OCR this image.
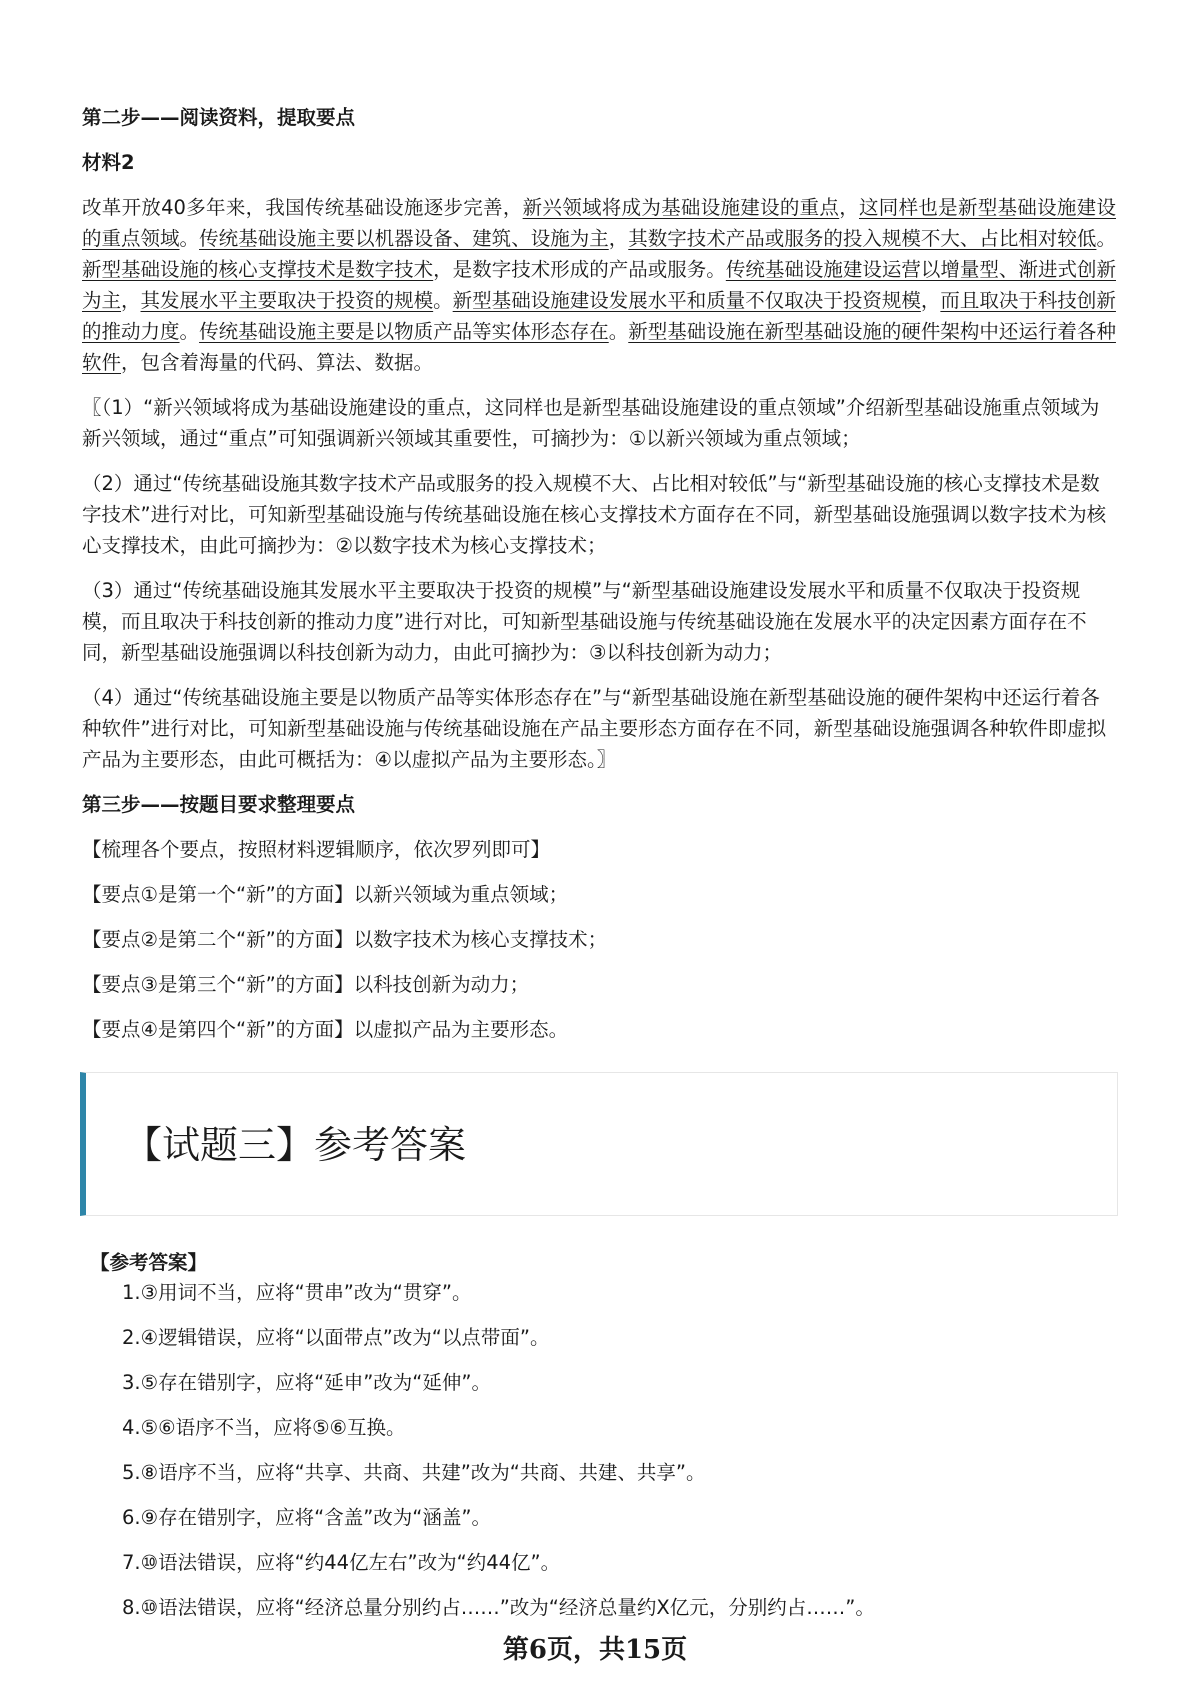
第二步——阅读资料，提取要点

材料2

改革开放40多年来，我国传统基础设施逐步完善，新兴领域将成为基础设施建设的重点，这同样也是新型基础设施建设的重点领域。传统基础设施主要以机器设备、建筑、设施为主，其数字技术产品或服务的投入规模不大、占比相对较低。新型基础设施的核心支撑技术是数字技术，是数字技术形成的产品或服务。传统基础设施建设运营以增量型、渐进式创新为主，其发展水平主要取决于投资的规模。新型基础设施建设发展水平和质量不仅取决于投资规模，而且取决于科技创新的推动力度。传统基础设施主要是以物质产品等实体形态存在。新型基础设施在新型基础设施的硬件架构中还运行着各种软件，包含着海量的代码、算法、数据。

〖（1）“新兴领域将成为基础设施建设的重点，这同样也是新型基础设施建设的重点领域”介绍新型基础设施重点领域为新兴领域，通过“重点”可知强调新兴领域其重要性，可摘抄为：①以新兴领域为重点领域；

（2）通过“传统基础设施其数字技术产品或服务的投入规模不大、占比相对较低”与“新型基础设施的核心支撑技术是数字技术”进行对比，可知新型基础设施与传统基础设施在核心支撑技术方面存在不同，新型基础设施强调以数字技术为核心支撑技术，由此可摘抄为：②以数字技术为核心支撑技术；

（3）通过“传统基础设施其发展水平主要取决于投资的规模”与“新型基础设施建设发展水平和质量不仅取决于投资规模，而且取决于科技创新的推动力度”进行对比，可知新型基础设施与传统基础设施在发展水平的决定因素方面存在不同，新型基础设施强调以科技创新为动力，由此可摘抄为：③以科技创新为动力；

（4）通过“传统基础设施主要是以物质产品等实体形态存在”与“新型基础设施在新型基础设施的硬件架构中还运行着各种软件”进行对比，可知新型基础设施与传统基础设施在产品主要形态方面存在不同，新型基础设施强调各种软件即虚拟产品为主要形态，由此可概括为：④以虚拟产品为主要形态。〗

第三步——按题目要求整理要点

【梳理各个要点，按照材料逻辑顺序，依次罗列即可】

【要点①是第一个“新”的方面】以新兴领域为重点领域；

【要点②是第二个“新”的方面】以数字技术为核心支撑技术；

【要点③是第三个“新”的方面】以科技创新为动力；

【要点④是第四个“新”的方面】以虚拟产品为主要形态。

【试题三】参考答案
【参考答案】
1.③用词不当，应将“贯串”改为“贯穿”。
2.④逻辑错误，应将“以面带点”改为“以点带面”。
3.⑤存在错别字，应将“延申”改为“延伸”。
4.⑤⑥语序不当，应将⑤⑥互换。
5.⑧语序不当，应将“共享、共商、共建”改为“共商、共建、共享”。
6.⑨存在错别字，应将“含盖”改为“涵盖”。
7.⑩语法错误，应将“约44亿左右”改为“约44亿”。
8.⑩语法错误，应将“经济总量分别约占……”改为“经济总量约X亿元，分别约占……”。
第6页，共15页
